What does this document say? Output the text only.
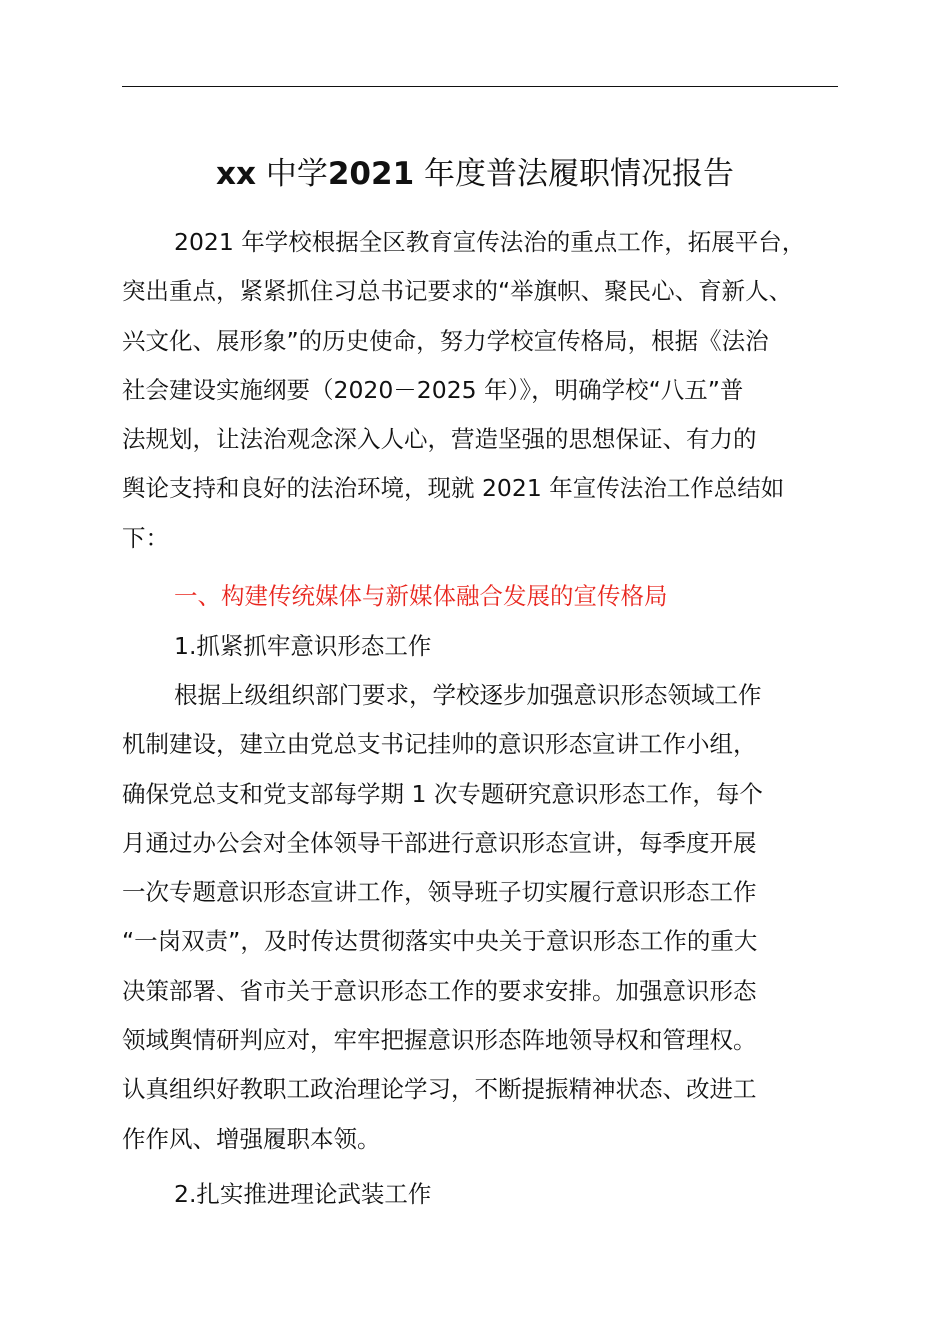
xx 中学2021 年度普法履职情况报告
2021 年学校根据全区教育宣传法治的重点工作，拓展平台，
突出重点，紧紧抓住习总书记要求的“举旗帜、聚民心、育新人、
兴文化、展形象”的历史使命，努力学校宣传格局，根据《法治
社会建设实施纲要（2020－2025 年）》，明确学校“八五”普
法规划，让法治观念深入人心，营造坚强的思想保证、有力的
舆论支持和良好的法治环境，现就 2021 年宣传法治工作总结如
下：
一、构建传统媒体与新媒体融合发展的宣传格局
1.抓紧抓牢意识形态工作
根据上级组织部门要求，学校逐步加强意识形态领域工作
机制建设，建立由党总支书记挂帅的意识形态宣讲工作小组，
确保党总支和党支部每学期 1 次专题研究意识形态工作，每个
月通过办公会对全体领导干部进行意识形态宣讲，每季度开展
一次专题意识形态宣讲工作，领导班子切实履行意识形态工作
“一岗双责”，及时传达贯彻落实中央关于意识形态工作的重大
决策部署、省市关于意识形态工作的要求安排。加强意识形态
领域舆情研判应对，牢牢把握意识形态阵地领导权和管理权。
认真组织好教职工政治理论学习，不断提振精神状态、改进工
作作风、增强履职本领。
2.扎实推进理论武装工作
